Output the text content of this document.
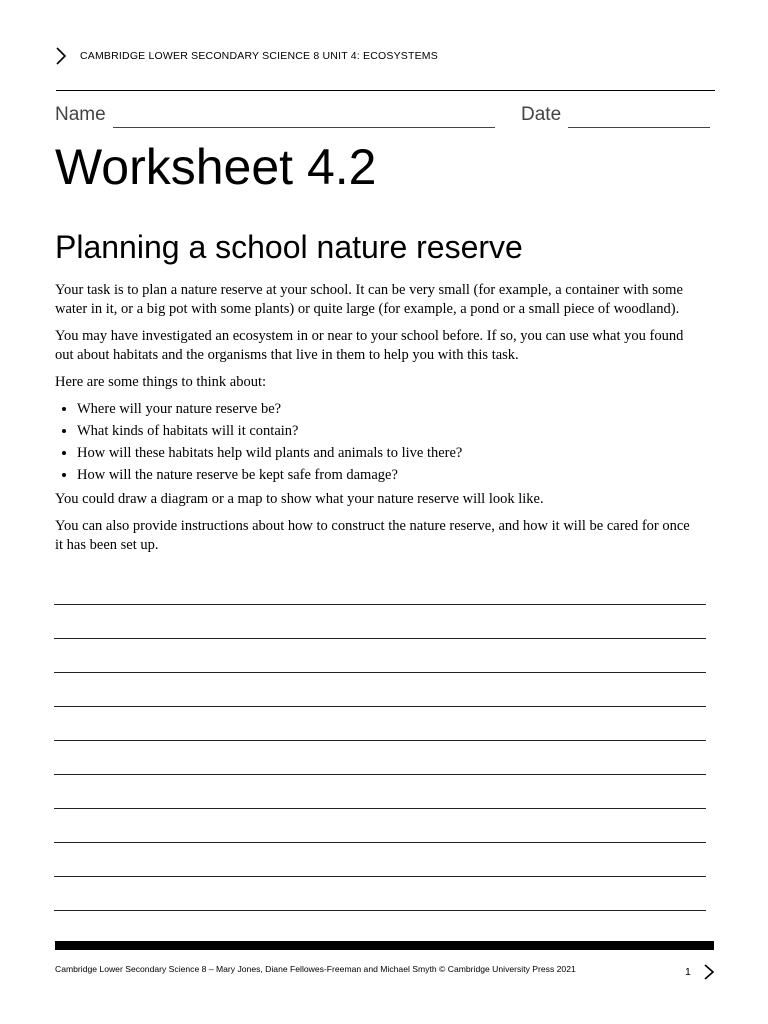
CAMBRIDGE LOWER SECONDARY SCIENCE 8 UNIT 4: ECOSYSTEMS
Name	Date
Worksheet 4.2
Planning a school nature reserve

Your task is to plan a nature reserve at your school. It can be very small (for example, a container with some water in it, or a big pot with some plants) or quite large (for example, a pond or a small piece of woodland).

You may have investigated an ecosystem in or near to your school before. If so, you can use what you found out about habitats and the organisms that live in them to help you with this task.

Here are some things to think about:

• Where will your nature reserve be?
• What kinds of habitats will it contain?
• How will these habitats help wild plants and animals to live there?
• How will the nature reserve be kept safe from damage?

You could draw a diagram or a map to show what your nature reserve will look like.

You can also provide instructions about how to construct the nature reserve, and how it will be cared for once it has been set up.

Cambridge Lower Secondary Science 8 – Mary Jones, Diane Fellowes-Freeman and Michael Smyth © Cambridge University Press 2021	1
